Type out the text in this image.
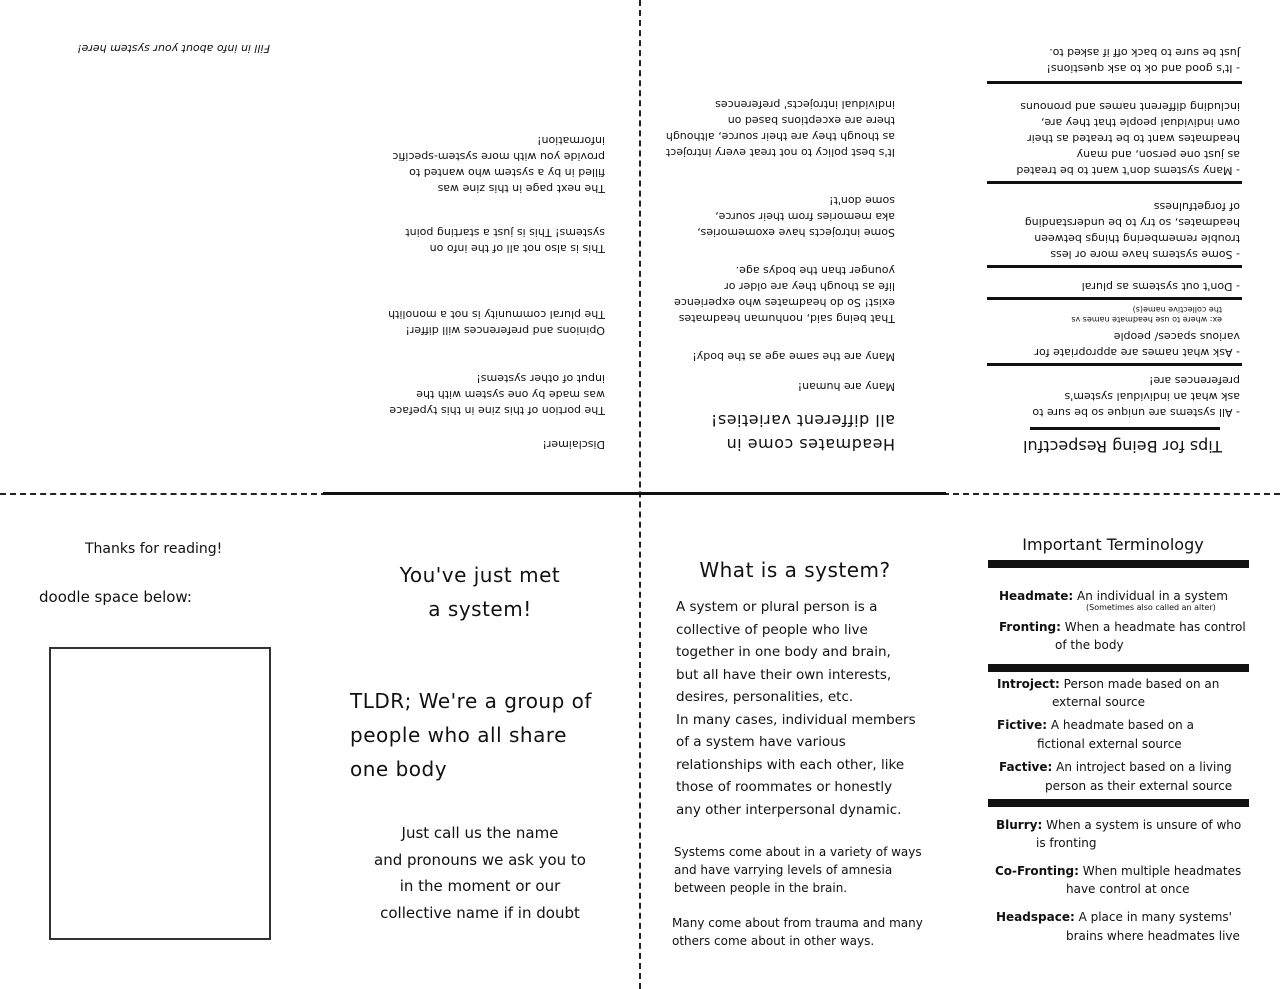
Fill in info about your system here!
Disclaimer!
The portion of this zine in this typeface
was made by one system with the
input of other systems!
Opinions and preferences will differ!
The plural community is not a monolith
This is also not all of the info on
systems! This is just a starting point
The next page in this zine was
filled in by a system who wanted to
provide you with more system-specific
information!
Headmates come in
all different varieties!
Many are human!
Many are the same age as the body!
That being said, nonhuman headmates
exist! So do headmates who experience
life as though they are older or
younger than the bodys age.
Some introjects have exomemories,
aka memories from their source,
some don't!
It's best policy to not treat every introject
as though they are their source, although
there are exceptions based on
individual introjects' preferences
Tips for Being Respectful
- All systems are unique so be sure to
ask what an individual system's
preferences are!
- Ask what names are appropriate for
various spaces/ people
ex: where to use headmate names vs
the collective name(s)
- Don't out systems as plural
- Some systems have more or less
trouble remembering things between
headmates, so try to be understanding
of forgetfulness
- Many systems don't want to be treated
as just one person, and many
headmates want to be treated as their
own individual people that they are,
including different names and pronouns
- It's good and ok to ask questions!
Just be sure to back off if asked to.
Thanks for reading!
doodle space below:
You've just met
a system!
TLDR; We're a group of
people who all share
one body
Just call us the name
and pronouns we ask you to
in the moment or our
collective name if in doubt
What is a system?
A system or plural person is a
collective of people who live
together in one body and brain,
but all have their own interests,
desires, personalities, etc.
In many cases, individual members
of a system have various
relationships with each other, like
those of roommates or honestly
any other interpersonal dynamic.
Systems come about in a variety of ways
and have varrying levels of amnesia
between people in the brain.
Many come about from trauma and many
others come about in other ways.
Important Terminology
Headmate: An individual in a system
(Sometimes also called an alter)
Fronting: When a headmate has control
of the body
Introject: Person made based on an
external source
Fictive: A headmate based on a
fictional external source
Factive: An introject based on a living
person as their external source
Blurry: When a system is unsure of who
is fronting
Co-Fronting: When multiple headmates
have control at once
Headspace: A place in many systems'
brains where headmates live
